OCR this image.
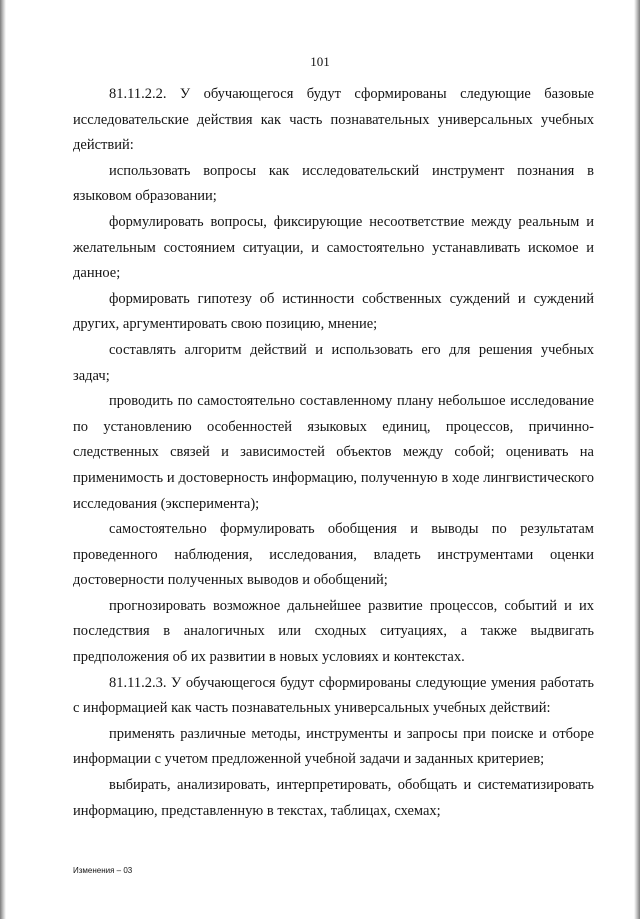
101

81.11.2.2. У обучающегося будут сформированы следующие базовые исследовательские действия как часть познавательных универсальных учебных действий:

использовать вопросы как исследовательский инструмент познания в языковом образовании;

формулировать вопросы, фиксирующие несоответствие между реальным и желательным состоянием ситуации, и самостоятельно устанавливать искомое и данное;

формировать гипотезу об истинности собственных суждений и суждений других, аргументировать свою позицию, мнение;

составлять алгоритм действий и использовать его для решения учебных задач;

проводить по самостоятельно составленному плану небольшое исследование по установлению особенностей языковых единиц, процессов, причинно-следственных связей и зависимостей объектов между собой; оценивать на применимость и достоверность информацию, полученную в ходе лингвистического исследования (эксперимента);

самостоятельно формулировать обобщения и выводы по результатам проведенного наблюдения, исследования, владеть инструментами оценки достоверности полученных выводов и обобщений;

прогнозировать возможное дальнейшее развитие процессов, событий и их последствия в аналогичных или сходных ситуациях, а также выдвигать предположения об их развитии в новых условиях и контекстах.

81.11.2.3. У обучающегося будут сформированы следующие умения работать с информацией как часть познавательных универсальных учебных действий:

применять различные методы, инструменты и запросы при поиске и отборе информации с учетом предложенной учебной задачи и заданных критериев;

выбирать, анализировать, интерпретировать, обобщать и систематизировать информацию, представленную в текстах, таблицах, схемах;

Изменения – 03
